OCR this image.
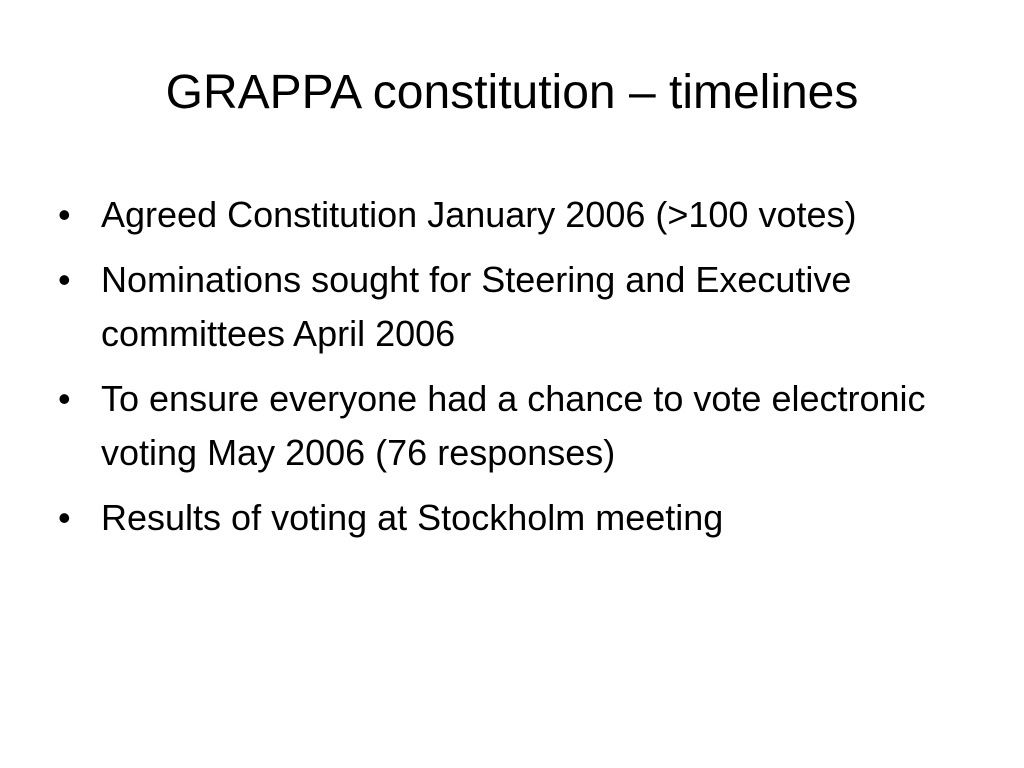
GRAPPA constitution – timelines
• Agreed Constitution January 2006 (>100 votes)
• Nominations sought for Steering and Executive committees April 2006
• To ensure everyone had a chance to vote electronic voting May 2006 (76 responses)
• Results of voting at Stockholm meeting
